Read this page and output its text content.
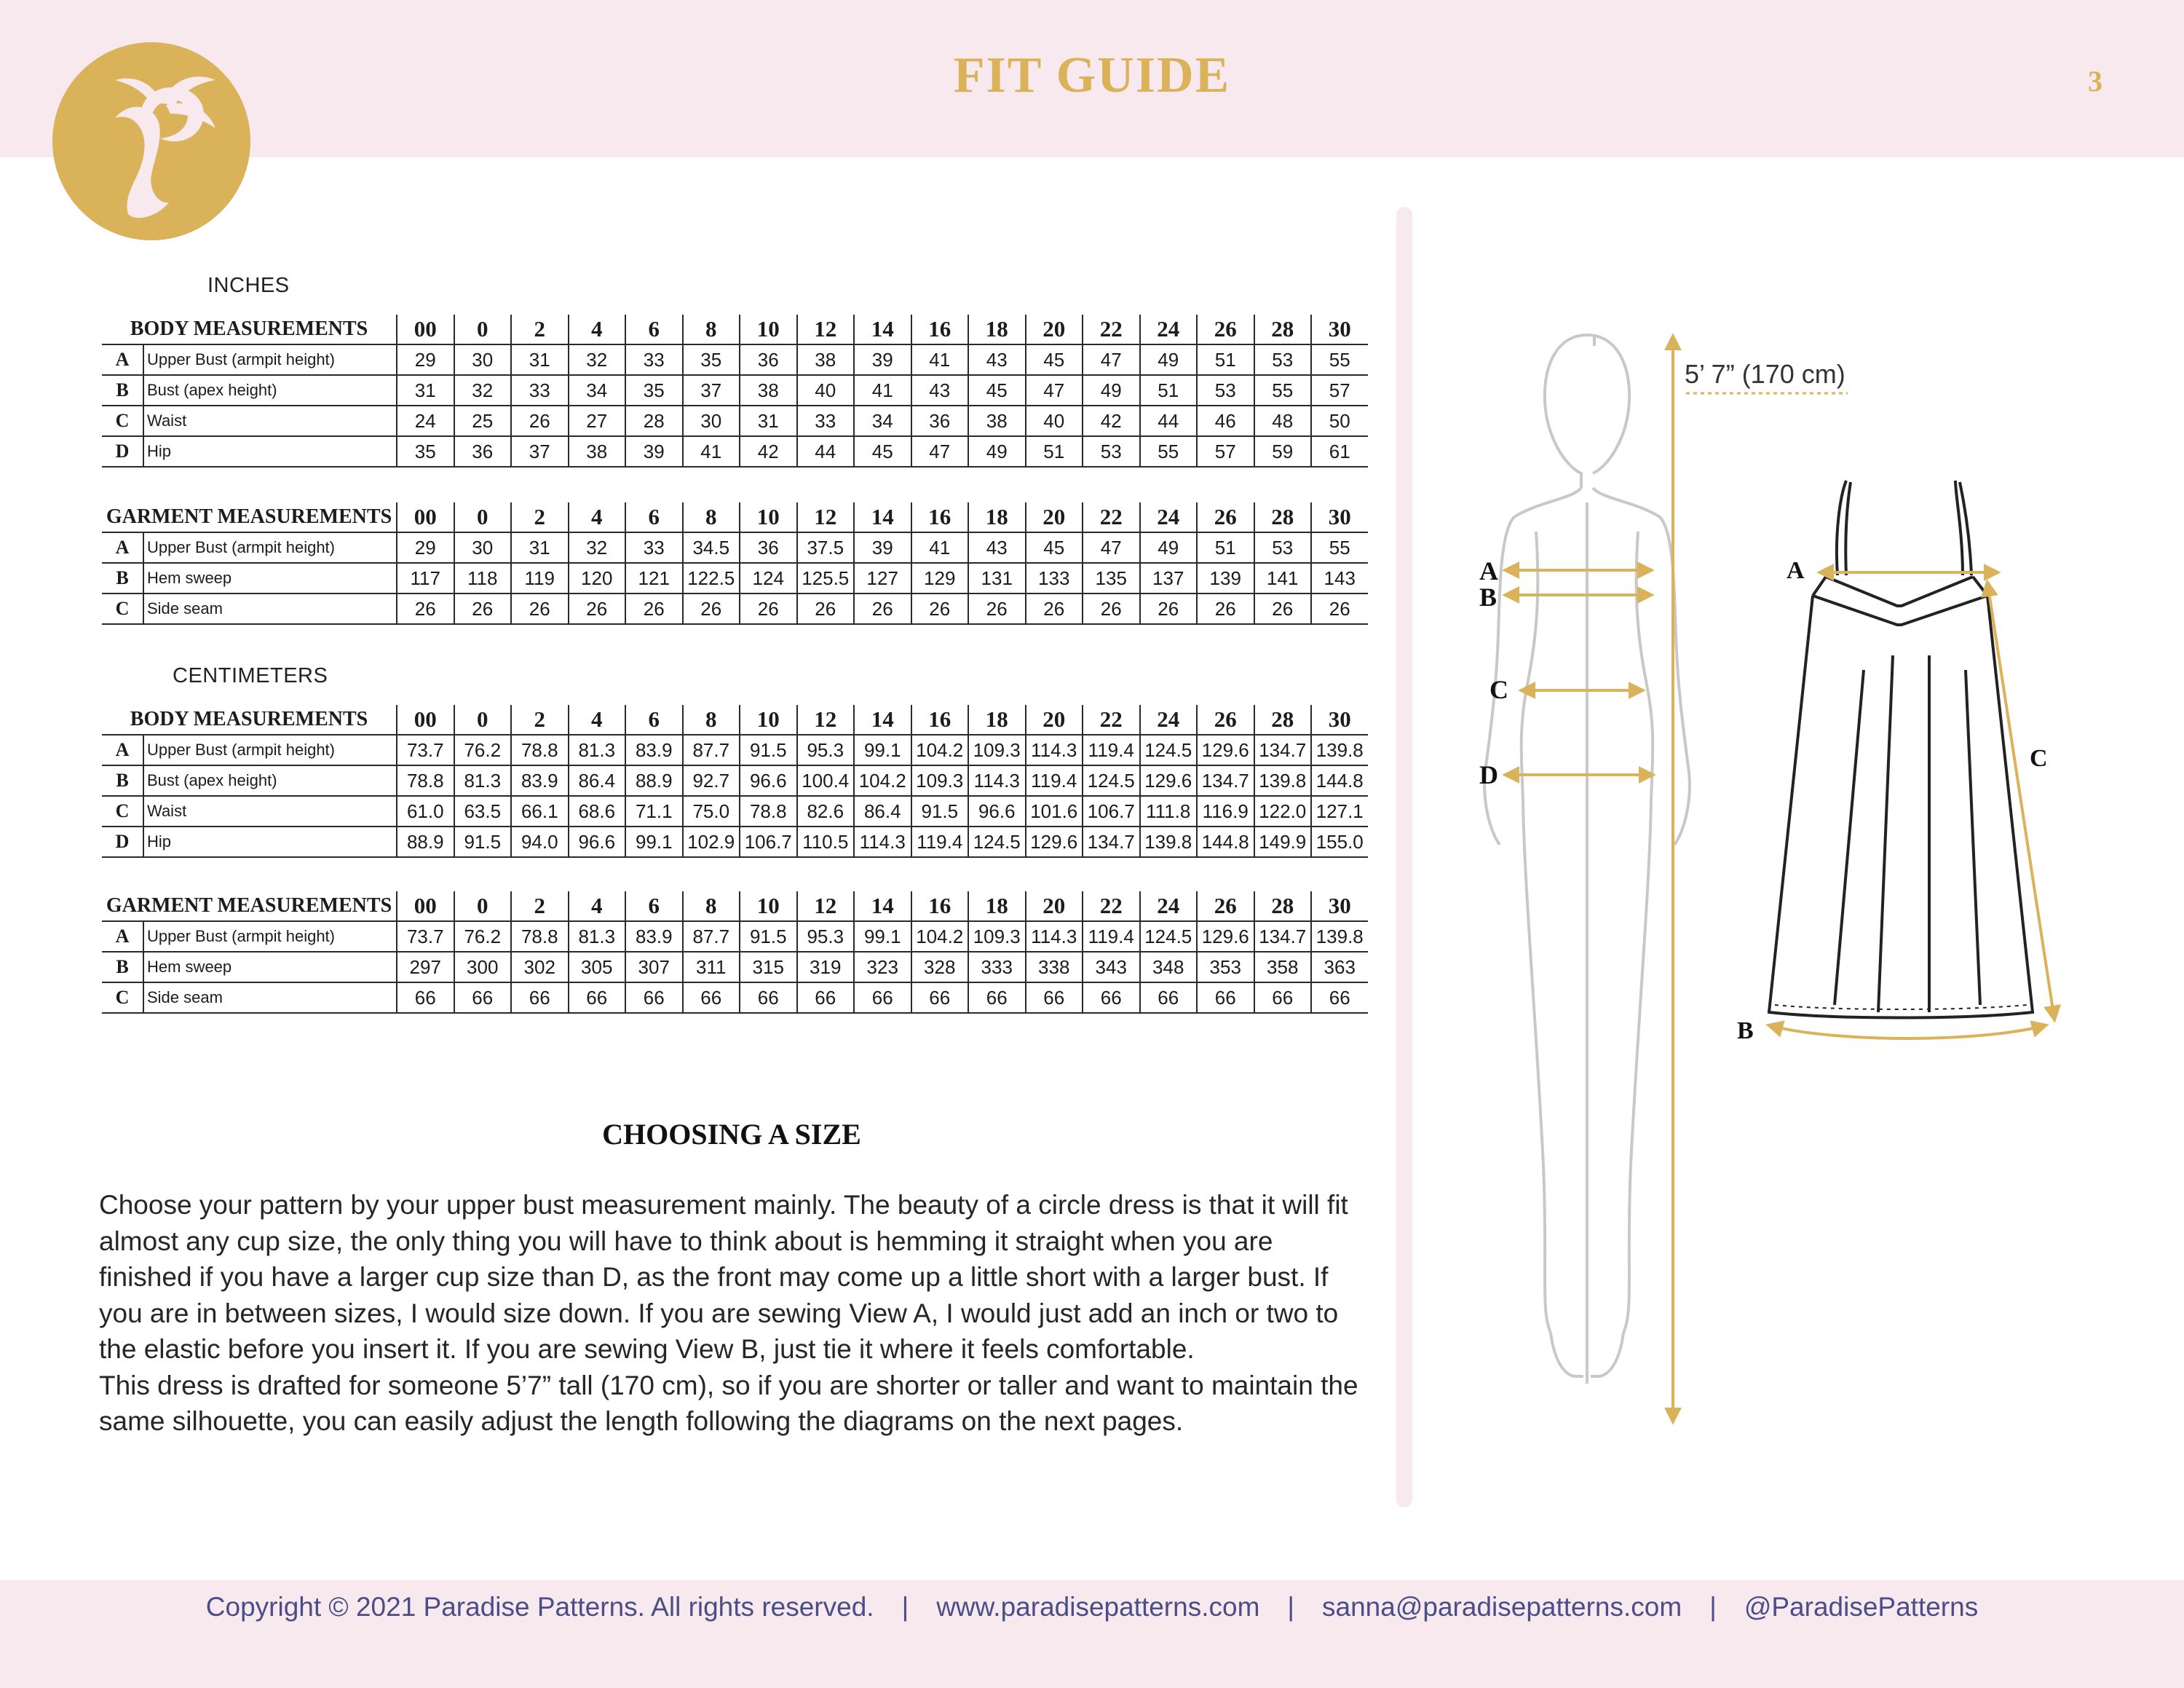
FIT GUIDE	3
INCHES
BODY MEASUREMENTS		00	0	2	4	6	8	10	12	14	16	18	20	22	24	26	28	30
A	Upper Bust (armpit height)	29	30	31	32	33	35	36	38	39	41	43	45	47	49	51	53	55
B	Bust (apex height)	31	32	33	34	35	37	38	40	41	43	45	47	49	51	53	55	57
C	Waist	24	25	26	27	28	30	31	33	34	36	38	40	42	44	46	48	50
D	Hip	35	36	37	38	39	41	42	44	45	47	49	51	53	55	57	59	61
GARMENT MEASUREMENTS		00	0	2	4	6	8	10	12	14	16	18	20	22	24	26	28	30
A	Upper Bust (armpit height)	29	30	31	32	33	34.5	36	37.5	39	41	43	45	47	49	51	53	55
B	Hem sweep	117	118	119	120	121	122.5	124	125.5	127	129	131	133	135	137	139	141	143
C	Side seam	26	26	26	26	26	26	26	26	26	26	26	26	26	26	26	26	26
CENTIMETERS
BODY MEASUREMENTS		00	0	2	4	6	8	10	12	14	16	18	20	22	24	26	28	30
A	Upper Bust (armpit height)	73.7	76.2	78.8	81.3	83.9	87.7	91.5	95.3	99.1	104.2	109.3	114.3	119.4	124.5	129.6	134.7	139.8
B	Bust (apex height)	78.8	81.3	83.9	86.4	88.9	92.7	96.6	100.4	104.2	109.3	114.3	119.4	124.5	129.6	134.7	139.8	144.8
C	Waist	61.0	63.5	66.1	68.6	71.1	75.0	78.8	82.6	86.4	91.5	96.6	101.6	106.7	111.8	116.9	122.0	127.1
D	Hip	88.9	91.5	94.0	96.6	99.1	102.9	106.7	110.5	114.3	119.4	124.5	129.6	134.7	139.8	144.8	149.9	155.0
GARMENT MEASUREMENTS		00	0	2	4	6	8	10	12	14	16	18	20	22	24	26	28	30
A	Upper Bust (armpit height)	73.7	76.2	78.8	81.3	83.9	87.7	91.5	95.3	99.1	104.2	109.3	114.3	119.4	124.5	129.6	134.7	139.8
B	Hem sweep	297	300	302	305	307	311	315	319	323	328	333	338	343	348	353	358	363
C	Side seam	66	66	66	66	66	66	66	66	66	66	66	66	66	66	66	66	66
CHOOSING A SIZE

Choose your pattern by your upper bust measurement mainly. The beauty of a circle dress is that it will fit almost any cup size, the only thing you will have to think about is hemming it straight when you are finished if you have a larger cup size than D, as the front may come up a little short with a larger bust. If you are in between sizes, I would size down. If you are sewing View A, I would just add an inch or two to the elastic before you insert it. If you are sewing View B, just tie it where it feels comfortable.

This dress is drafted for someone 5’7” tall (170 cm), so if you are shorter or taller and want to maintain the same silhouette, you can easily adjust the length following the diagrams on the next pages.

5’ 7” (170 cm)
A
B
C
D
A
B
C
Copyright © 2021 Paradise Patterns. All rights reserved. | www.paradisepatterns.com | sanna@paradisepatterns.com | @ParadisePatterns
